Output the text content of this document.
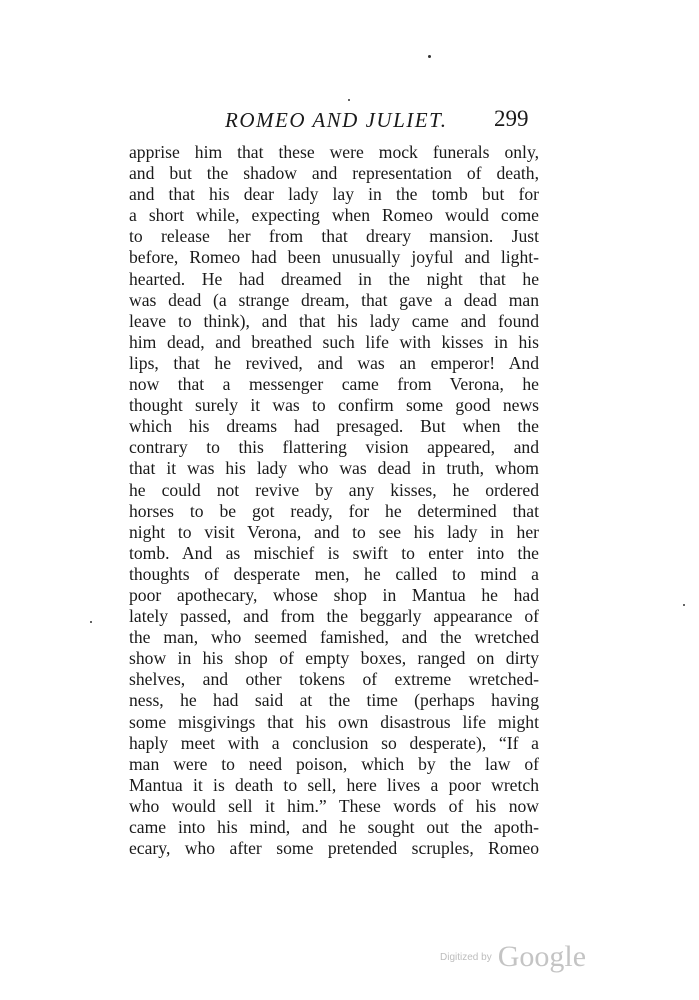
ROMEO AND JULIET. 299
apprise him that these were mock funerals only,
and but the shadow and representation of death,
and that his dear lady lay in the tomb but for
a short while, expecting when Romeo would come
to release her from that dreary mansion. Just
before, Romeo had been unusually joyful and light-
hearted. He had dreamed in the night that he
was dead (a strange dream, that gave a dead man
leave to think), and that his lady came and found
him dead, and breathed such life with kisses in his
lips, that he revived, and was an emperor! And
now that a messenger came from Verona, he
thought surely it was to confirm some good news
which his dreams had presaged. But when the
contrary to this flattering vision appeared, and
that it was his lady who was dead in truth, whom
he could not revive by any kisses, he ordered
horses to be got ready, for he determined that
night to visit Verona, and to see his lady in her
tomb. And as mischief is swift to enter into the
thoughts of desperate men, he called to mind a
poor apothecary, whose shop in Mantua he had
lately passed, and from the beggarly appearance of
the man, who seemed famished, and the wretched
show in his shop of empty boxes, ranged on dirty
shelves, and other tokens of extreme wretched-
ness, he had said at the time (perhaps having
some misgivings that his own disastrous life might
haply meet with a conclusion so desperate), “If a
man were to need poison, which by the law of
Mantua it is death to sell, here lives a poor wretch
who would sell it him.” These words of his now
came into his mind, and he sought out the apoth-
ecary, who after some pretended scruples, Romeo
Digitized by Google
